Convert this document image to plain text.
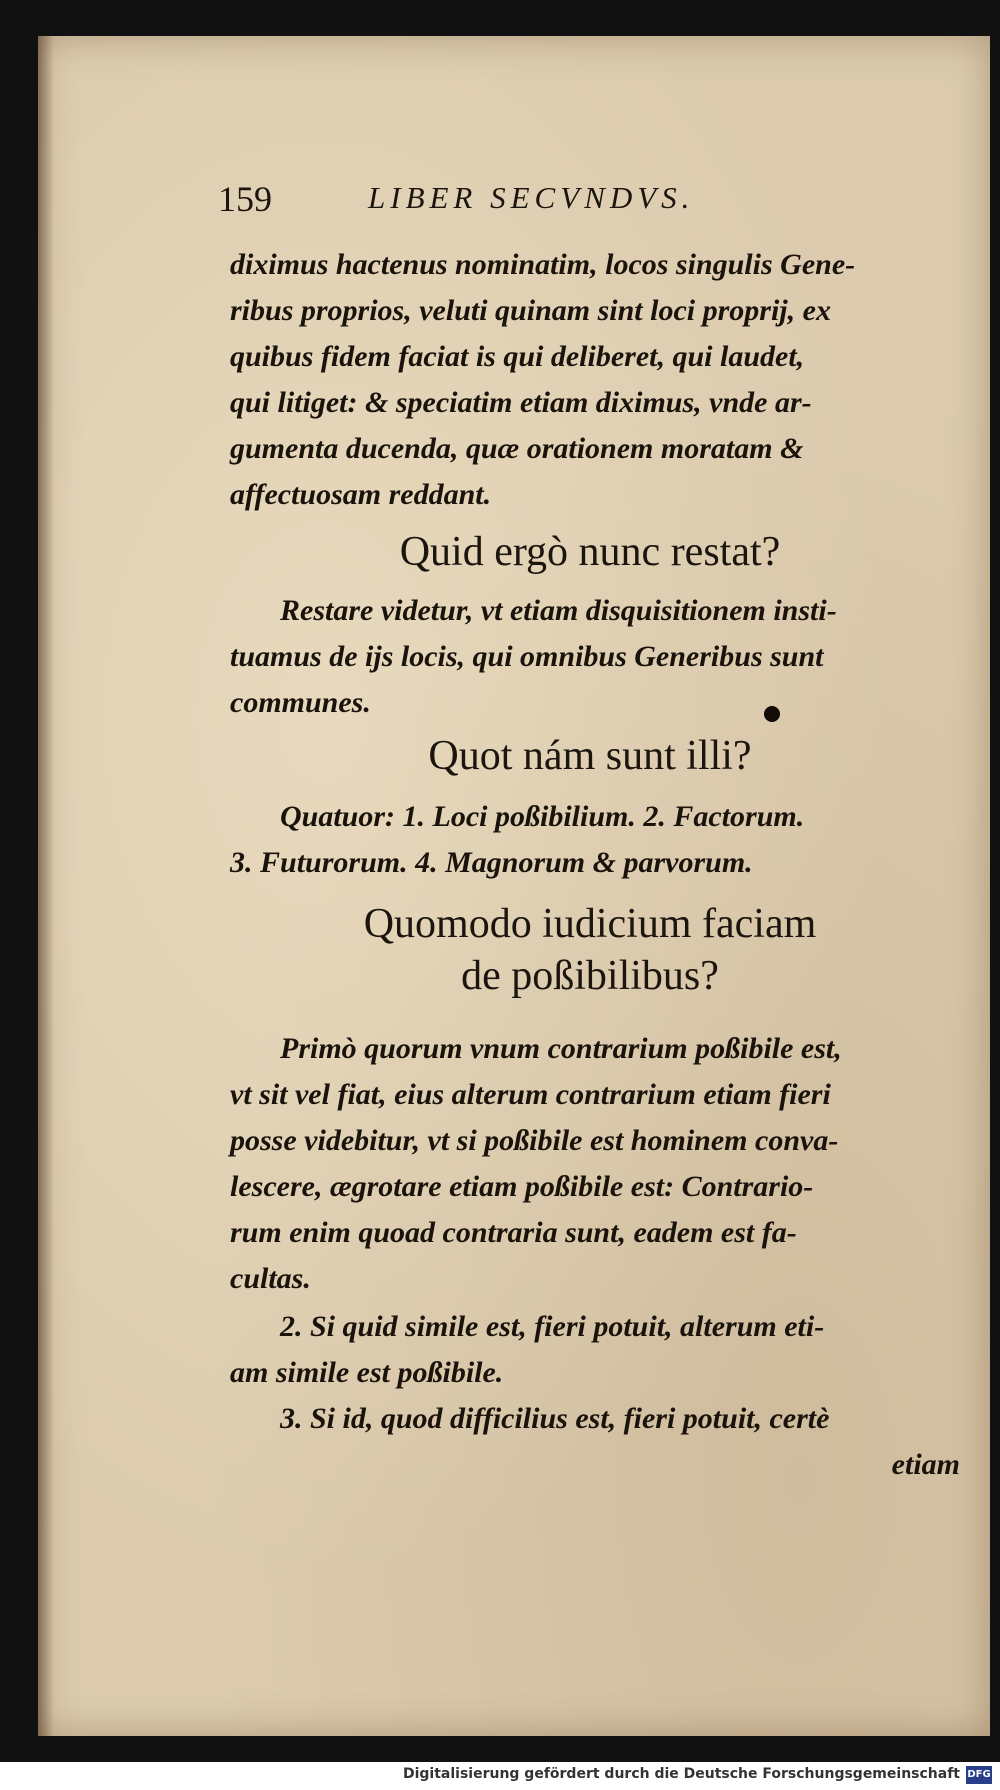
159	LIBER SECVNDVS.
diximus hactenus nominatim, locos singulis Gene-
ribus proprios, veluti quinam sint loci proprij, ex
quibus fidem faciat is qui deliberet, qui laudet,
qui litiget: & speciatim etiam diximus, vnde ar-
gumenta ducenda, quæ orationem moratam &
affectuosam reddant.
Quid ergò nunc restat?
Restare videtur, vt etiam disquisitionem insti-
tuamus de ijs locis, qui omnibus Generibus sunt
communes.
Quot nám sunt illi?
Quatuor: 1. Loci poßibilium. 2. Factorum.
3. Futurorum. 4. Magnorum & parvorum.
Quomodo iudicium faciam
de poßibilibus?
Primò quorum vnum contrarium poßibile est,
vt sit vel fiat, eius alterum contrarium etiam fieri
posse videbitur, vt si poßibile est hominem conva-
lescere, ægrotare etiam poßibile est: Contrario-
rum enim quoad contraria sunt, eadem est fa-
cultas.
2. Si quid simile est, fieri potuit, alterum eti-
am simile est poßibile.
3. Si id, quod difficilius est, fieri potuit, certè
etiam
Digitalisierung gefördert durch die Deutsche Forschungsgemeinschaft DFG
